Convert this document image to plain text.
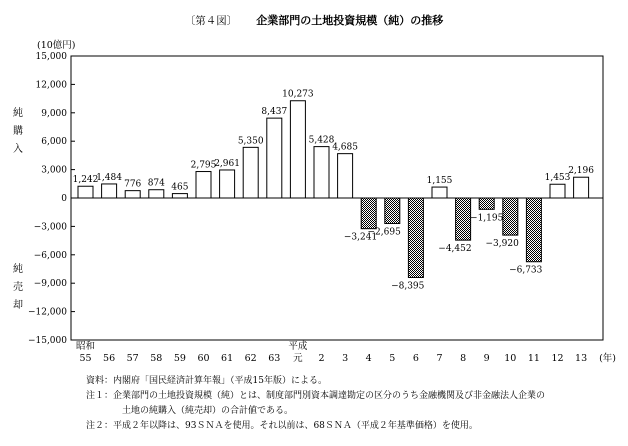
〔第４図〕 企業部門の土地投資規模（純）の推移
15,000
12,000
9,000
6,000
3,000
0
−3,000
−6,000
−9,000
−12,000
−15,000
(10億円)
純
購
入
純
売
却
1,242
55
1,484
56
776
57
874
58
465
59
2,795
60
2,961
61
5,350
62
8,437
63
10,273
元
5,428
2
4,685
3
−3,241
4
−2,695
5
−8,395
6
1,155
7
−4,452
8
−1,195
9
−3,920
10
−6,733
11
1,453
12
2,196
13
昭和	平成
(年)
資料：内閣府「国民経済計算年報」（平成15年版）による。
注１：企業部門の土地投資規模（純）とは、制度部門別資本調達勘定の区分のうち金融機関及び非金融法人企業の
土地の純購入（純売却）の合計値である。
注２：平成２年以降は、93ＳＮＡを使用。それ以前は、68ＳＮＡ（平成２年基準価格）を使用。
